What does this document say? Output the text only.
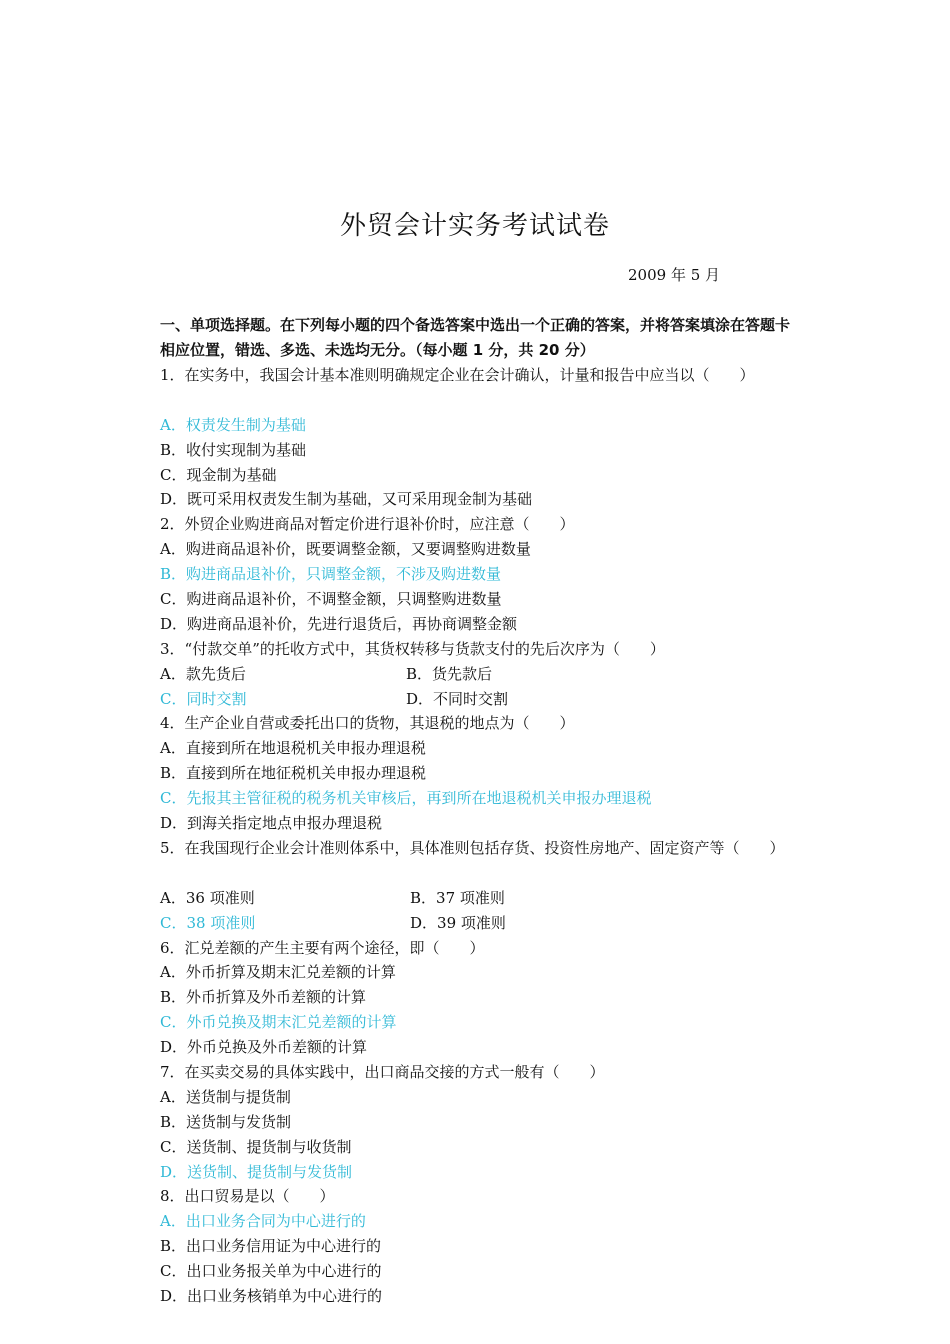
外贸会计实务考试试卷
2009 年 5 月
一、单项选择题。在下列每小题的四个备选答案中选出一个正确的答案，并将答案填涂在答题卡相应位置，错选、多选、未选均无分。（每小题 1 分，共 20 分）
1．在实务中，我国会计基本准则明确规定企业在会计确认，计量和报告中应当以（　　）
A．权责发生制为基础
B．收付实现制为基础
C．现金制为基础
D．既可采用权责发生制为基础，又可采用现金制为基础
2．外贸企业购进商品对暂定价进行退补价时，应注意（　　）
A．购进商品退补价，既要调整金额，又要调整购进数量
B．购进商品退补价，只调整金额，不涉及购进数量
C．购进商品退补价，不调整金额，只调整购进数量
D．购进商品退补价，先进行退货后，再协商调整金额
3．“付款交单”的托收方式中，其货权转移与货款支付的先后次序为（　　）
A．款先货后	B．货先款后
C．同时交割	D．不同时交割
4．生产企业自营或委托出口的货物，其退税的地点为（　　）
A．直接到所在地退税机关申报办理退税
B．直接到所在地征税机关申报办理退税
C．先报其主管征税的税务机关审核后，再到所在地退税机关申报办理退税
D．到海关指定地点申报办理退税
5．在我国现行企业会计准则体系中，具体准则包括存货、投资性房地产、固定资产等（　　）
A．36 项准则	B．37 项准则
C．38 项准则	D．39 项准则
6．汇兑差额的产生主要有两个途径，即（　　）
A．外币折算及期末汇兑差额的计算
B．外币折算及外币差额的计算
C．外币兑换及期末汇兑差额的计算
D．外币兑换及外币差额的计算
7．在买卖交易的具体实践中，出口商品交接的方式一般有（　　）
A．送货制与提货制
B．送货制与发货制
C．送货制、提货制与收货制
D．送货制、提货制与发货制
8．出口贸易是以（　　）
A．出口业务合同为中心进行的
B．出口业务信用证为中心进行的
C．出口业务报关单为中心进行的
D．出口业务核销单为中心进行的
